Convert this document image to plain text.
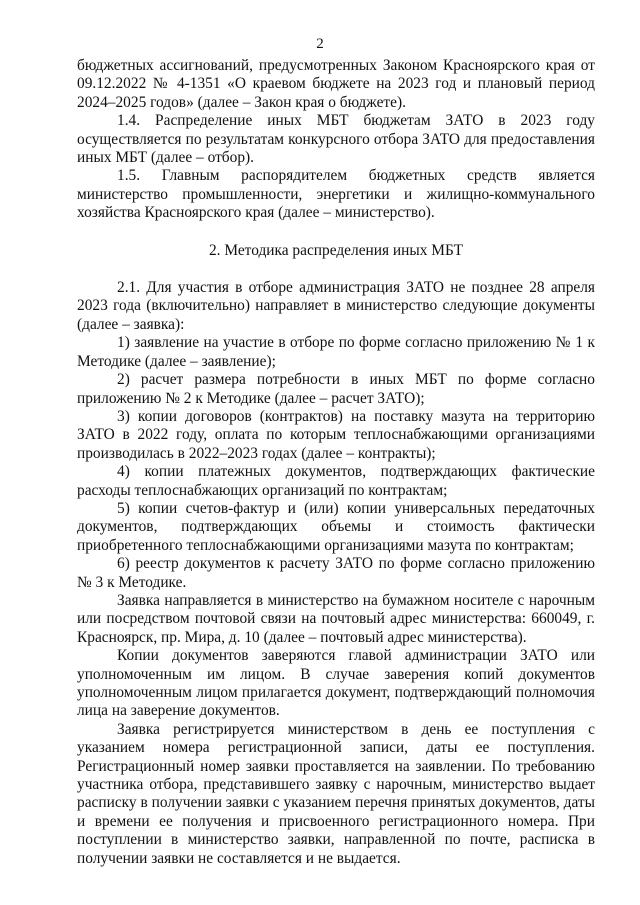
2

бюджетных ассигнований, предусмотренных Законом Красноярского края от 09.12.2022 № 4-1351 «О краевом бюджете на 2023 год и плановый период 2024–2025 годов» (далее – Закон края о бюджете).

1.4. Распределение иных МБТ бюджетам ЗАТО в 2023 году осуществляется по результатам конкурсного отбора ЗАТО для предоставления иных МБТ (далее – отбор).

1.5. Главным распорядителем бюджетных средств является министерство промышленности, энергетики и жилищно-коммунального хозяйства Красноярского края (далее – министерство).

2. Методика распределения иных МБТ

2.1. Для участия в отборе администрация ЗАТО не позднее 28 апреля 2023 года (включительно) направляет в министерство следующие документы (далее – заявка):

1) заявление на участие в отборе по форме согласно приложению № 1 к Методике (далее – заявление);

2) расчет размера потребности в иных МБТ по форме согласно приложению № 2 к Методике (далее – расчет ЗАТО);

3) копии договоров (контрактов) на поставку мазута на территорию ЗАТО в 2022 году, оплата по которым теплоснабжающими организациями производилась в 2022–2023 годах (далее – контракты);

4) копии платежных документов, подтверждающих фактические расходы теплоснабжающих организаций по контрактам;

5) копии счетов-фактур и (или) копии универсальных передаточных документов, подтверждающих объемы и стоимость фактически приобретенного теплоснабжающими организациями мазута по контрактам;

6) реестр документов к расчету ЗАТО по форме согласно приложению № 3 к Методике.

Заявка направляется в министерство на бумажном носителе с нарочным или посредством почтовой связи на почтовый адрес министерства: 660049, г. Красноярск, пр. Мира, д. 10 (далее – почтовый адрес министерства).

Копии документов заверяются главой администрации ЗАТО или уполномоченным им лицом. В случае заверения копий документов уполномоченным лицом прилагается документ, подтверждающий полномочия лица на заверение документов.

Заявка регистрируется министерством в день ее поступления с указанием номера регистрационной записи, даты ее поступления. Регистрационный номер заявки проставляется на заявлении. По требованию участника отбора, представившего заявку с нарочным, министерство выдает расписку в получении заявки с указанием перечня принятых документов, даты и времени ее получения и присвоенного регистрационного номера. При поступлении в министерство заявки, направленной по почте, расписка в получении заявки не составляется и не выдается.
